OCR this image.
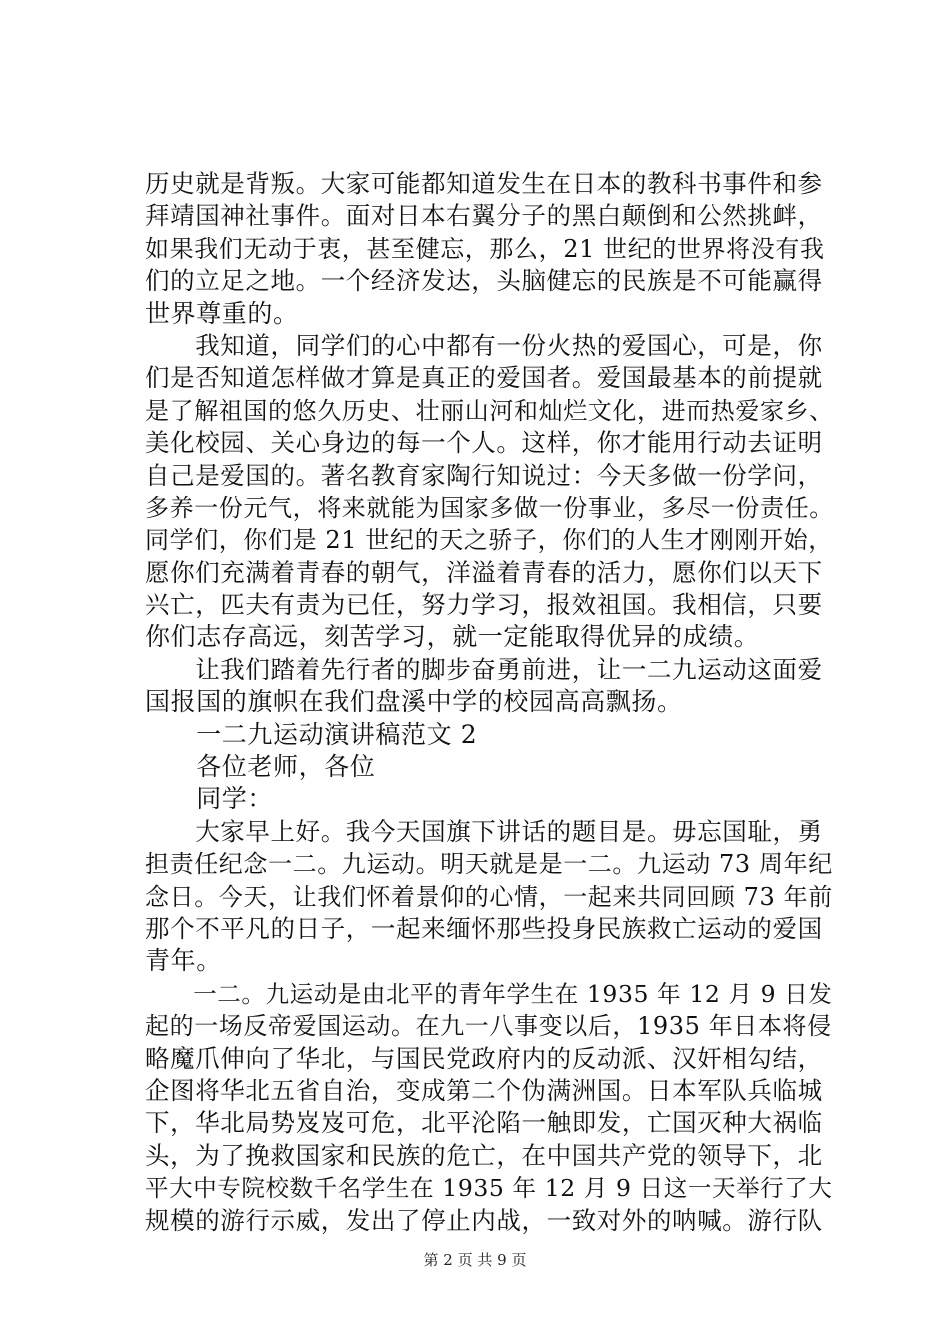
历史就是背叛。大家可能都知道发生在日本的教科书事件和参
拜靖国神社事件。面对日本右翼分子的黑白颠倒和公然挑衅，
如果我们无动于衷，甚至健忘，那么，21 世纪的世界将没有我
们的立足之地。一个经济发达，头脑健忘的民族是不可能赢得
世界尊重的。
　　我知道，同学们的心中都有一份火热的爱国心，可是，你
们是否知道怎样做才算是真正的爱国者。爱国最基本的前提就
是了解祖国的悠久历史、壮丽山河和灿烂文化，进而热爱家乡、
美化校园、关心身边的每一个人。这样，你才能用行动去证明
自己是爱国的。著名教育家陶行知说过：今天多做一份学问，
多养一份元气，将来就能为国家多做一份事业，多尽一份责任。
同学们，你们是 21 世纪的天之骄子，你们的人生才刚刚开始，
愿你们充满着青春的朝气，洋溢着青春的活力，愿你们以天下
兴亡，匹夫有责为已任，努力学习，报效祖国。我相信，只要
你们志存高远，刻苦学习，就一定能取得优异的成绩。
　　让我们踏着先行者的脚步奋勇前进，让一二九运动这面爱
国报国的旗帜在我们盘溪中学的校园高高飘扬。
　　一二九运动演讲稿范文 2
　　各位老师，各位
　　同学：
　　大家早上好。我今天国旗下讲话的题目是。毋忘国耻，勇
担责任纪念一二。九运动。明天就是是一二。九运动 73 周年纪
念日。今天，让我们怀着景仰的心情，一起来共同回顾 73 年前
那个不平凡的日子，一起来缅怀那些投身民族救亡运动的爱国
青年。
　　一二。九运动是由北平的青年学生在 1935 年 12 月 9 日发
起的一场反帝爱国运动。在九一八事变以后，1935 年日本将侵
略魔爪伸向了华北，与国民党政府内的反动派、汉奸相勾结，
企图将华北五省自治，变成第二个伪满洲国。日本军队兵临城
下，华北局势岌岌可危，北平沦陷一触即发，亡国灭种大祸临
头，为了挽救国家和民族的危亡，在中国共产党的领导下，北
平大中专院校数千名学生在 1935 年 12 月 9 日这一天举行了大
规模的游行示威，发出了停止内战，一致对外的呐喊。游行队
第 2 页 共 9 页
